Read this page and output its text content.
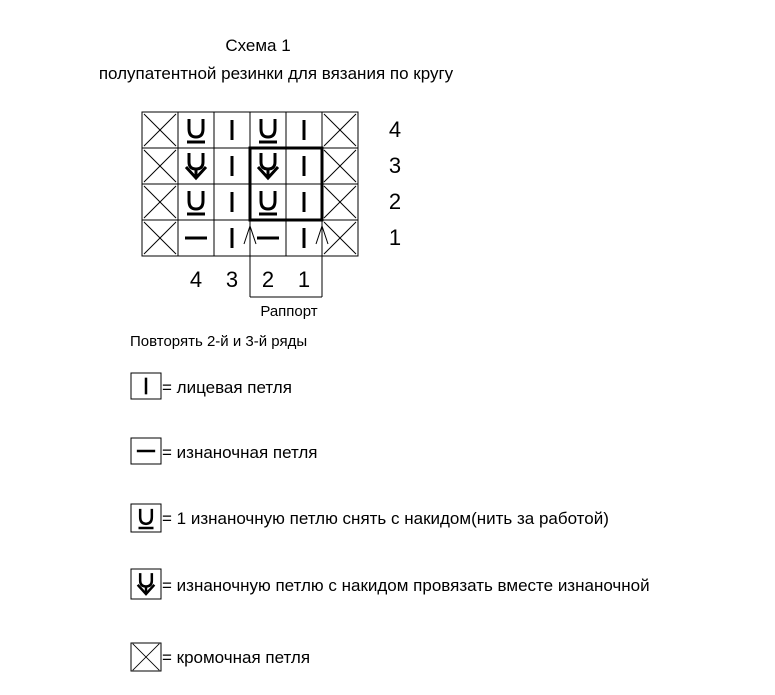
Схема 1
полупатентной резинки для вязания по кругу
4
3
2
1
4 3 2 1
Раппорт
Повторять 2-й и 3-й ряды
= лицевая петля
= изнаночная петля
= 1 изнаночную петлю снять с накидом(нить за работой)
= изнаночную петлю с накидом провязать вместе изнаночной
= кромочная петля
